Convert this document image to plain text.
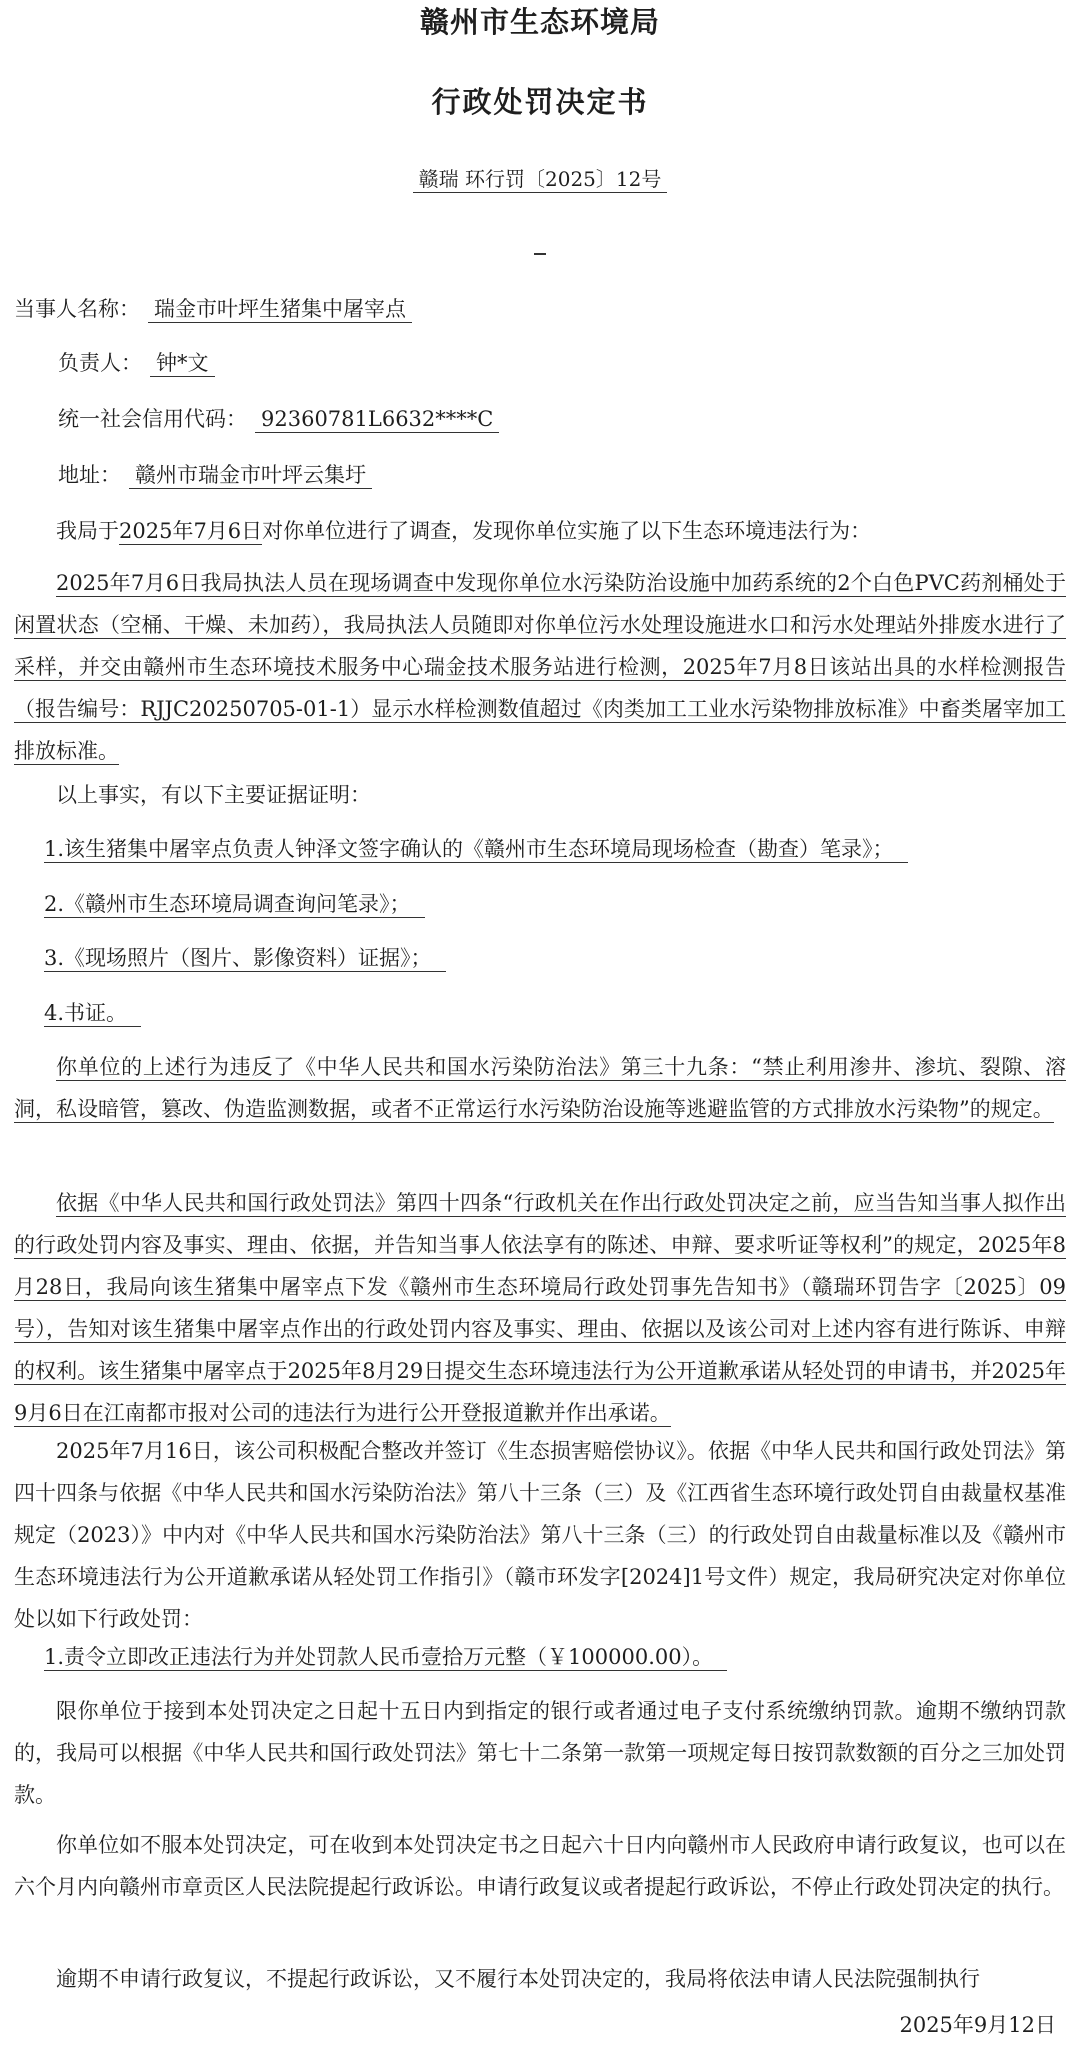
赣州市生态环境局
行政处罚决定书
赣瑞 环行罚〔2025〕12号
当事人名称： 瑞金市叶坪生猪集中屠宰点
负责人： 钟*文
统一社会信用代码： 92360781L6632****C
地址： 赣州市瑞金市叶坪云集圩

我局于2025年7月6日对你单位进行了调查，发现你单位实施了以下生态环境违法行为：

2025年7月6日我局执法人员在现场调查中发现你单位水污染防治设施中加药系统的2个白色PVC药剂桶处于闲置状态（空桶、干燥、未加药），我局执法人员随即对你单位污水处理设施进水口和污水处理站外排废水进行了采样，并交由赣州市生态环境技术服务中心瑞金技术服务站进行检测，2025年7月8日该站出具的水样检测报告（报告编号：RJJC20250705-01-1）显示水样检测数值超过《肉类加工工业水污染物排放标准》中畜类屠宰加工排放标准。

以上事实，有以下主要证据证明：

1.该生猪集中屠宰点负责人钟泽文签字确认的《赣州市生态环境局现场检查（勘查）笔录》；
2.《赣州市生态环境局调查询问笔录》；
3.《现场照片（图片、影像资料）证据》；
4.书证。

你单位的上述行为违反了《中华人民共和国水污染防治法》第三十九条：“禁止利用渗井、渗坑、裂隙、溶洞，私设暗管，篡改、伪造监测数据，或者不正常运行水污染防治设施等逃避监管的方式排放水污染物”的规定。

依据《中华人民共和国行政处罚法》第四十四条“行政机关在作出行政处罚决定之前，应当告知当事人拟作出的行政处罚内容及事实、理由、依据，并告知当事人依法享有的陈述、申辩、要求听证等权利”的规定，2025年8月28日，我局向该生猪集中屠宰点下发《赣州市生态环境局行政处罚事先告知书》（赣瑞环罚告字〔2025〕09号），告知对该生猪集中屠宰点作出的行政处罚内容及事实、理由、依据以及该公司对上述内容有进行陈诉、申辩的权利。该生猪集中屠宰点于2025年8月29日提交生态环境违法行为公开道歉承诺从轻处罚的申请书，并2025年9月6日在江南都市报对公司的违法行为进行公开登报道歉并作出承诺。

2025年7月16日，该公司积极配合整改并签订《生态损害赔偿协议》。依据《中华人民共和国行政处罚法》第四十四条与依据《中华人民共和国水污染防治法》第八十三条（三）及《江西省生态环境行政处罚自由裁量权基准规定（2023）》中内对《中华人民共和国水污染防治法》第八十三条（三）的行政处罚自由裁量标准以及《赣州市生态环境违法行为公开道歉承诺从轻处罚工作指引》（赣市环发字[2024]1号文件）规定，我局研究决定对你单位处以如下行政处罚：

1.责令立即改正违法行为并处罚款人民币壹拾万元整（￥100000.00）。

限你单位于接到本处罚决定之日起十五日内到指定的银行或者通过电子支付系统缴纳罚款。逾期不缴纳罚款的，我局可以根据《中华人民共和国行政处罚法》第七十二条第一款第一项规定每日按罚款数额的百分之三加处罚款。

你单位如不服本处罚决定，可在收到本处罚决定书之日起六十日内向赣州市人民政府申请行政复议，也可以在六个月内向赣州市章贡区人民法院提起行政诉讼。申请行政复议或者提起行政诉讼，不停止行政处罚决定的执行。

逾期不申请行政复议，不提起行政诉讼，又不履行本处罚决定的，我局将依法申请人民法院强制执行

2025年9月12日
